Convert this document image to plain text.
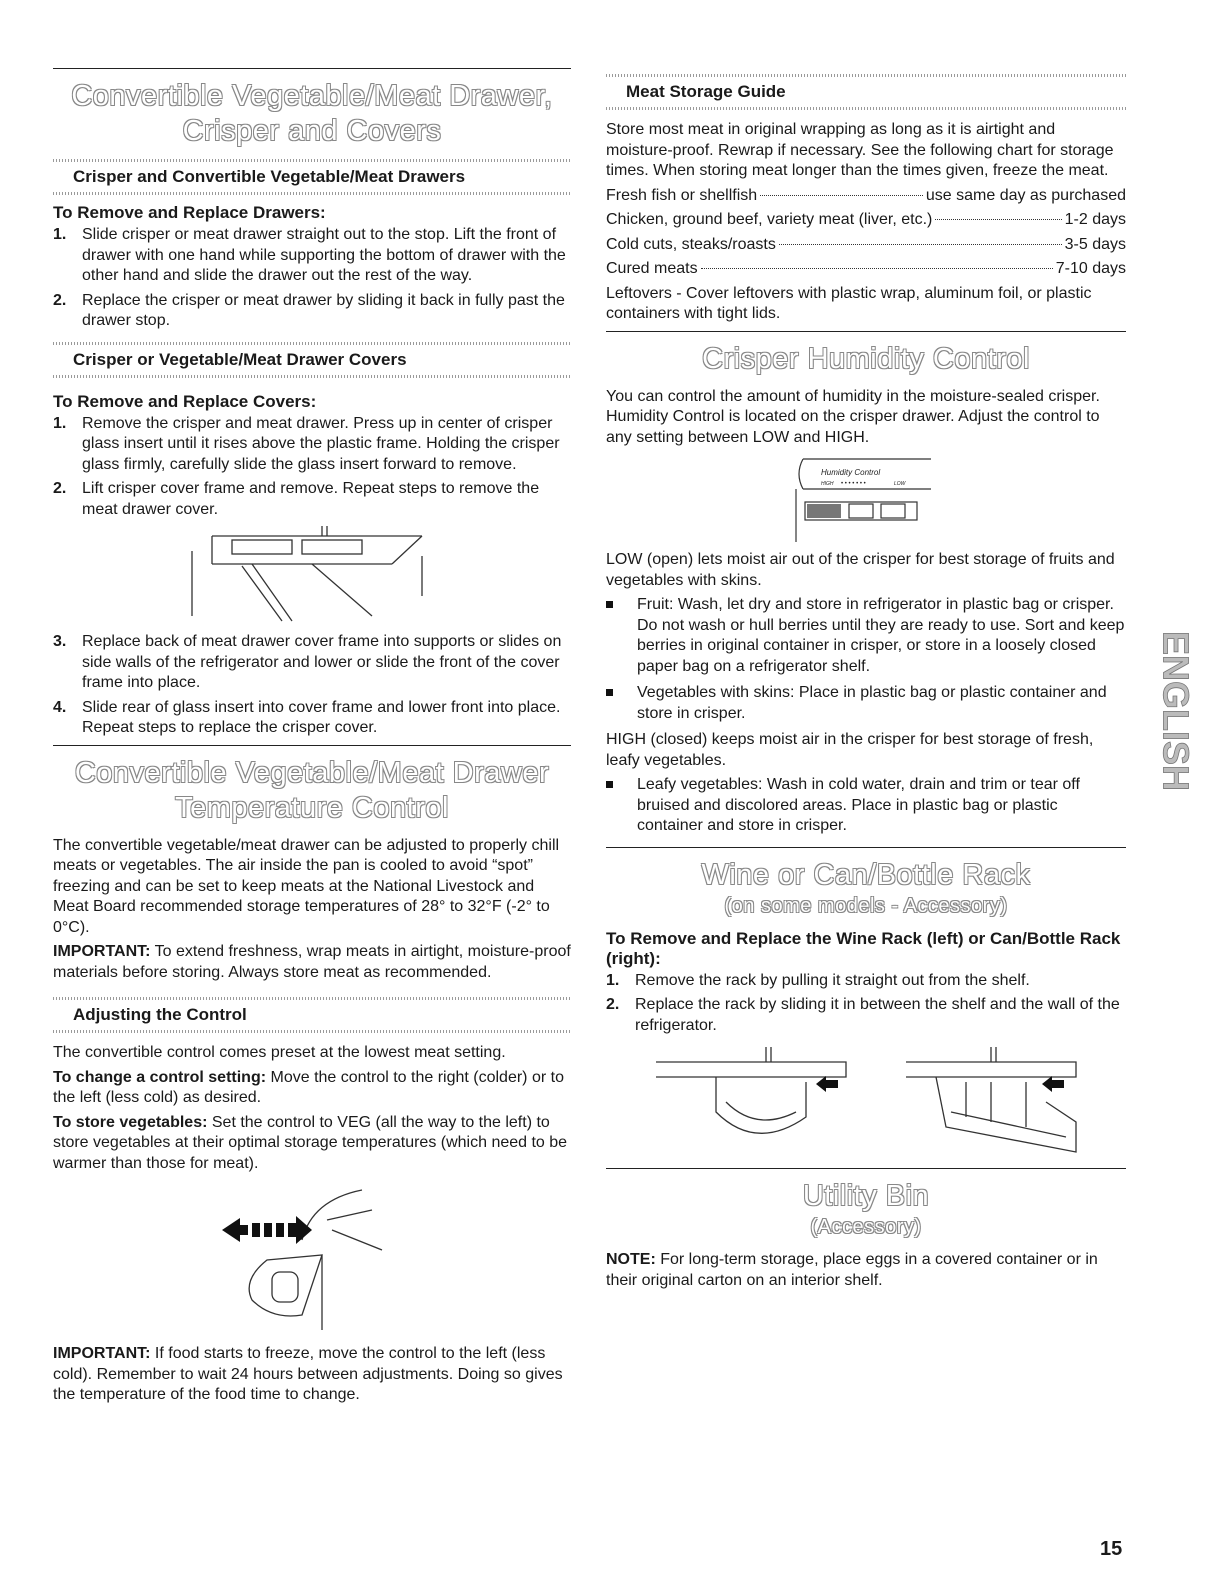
Convertible Vegetable/Meat Drawer,
Crisper and Covers
Crisper and Convertible Vegetable/Meat Drawers
To Remove and Replace Drawers:
1. Slide crisper or meat drawer straight out to the stop. Lift the front of drawer with one hand while supporting the bottom of drawer with the other hand and slide the drawer out the rest of the way.
2. Replace the crisper or meat drawer by sliding it back in fully past the drawer stop.
Crisper or Vegetable/Meat Drawer Covers
To Remove and Replace Covers:
1. Remove the crisper and meat drawer. Press up in center of crisper glass insert until it rises above the plastic frame. Holding the crisper glass firmly, carefully slide the glass insert forward to remove.
2. Lift crisper cover frame and remove. Repeat steps to remove the meat drawer cover.
3. Replace back of meat drawer cover frame into supports or slides on side walls of the refrigerator and lower or slide the front of the cover frame into place.
4. Slide rear of glass insert into cover frame and lower front into place. Repeat steps to replace the crisper cover.
Convertible Vegetable/Meat Drawer
Temperature Control

The convertible vegetable/meat drawer can be adjusted to properly chill meats or vegetables. The air inside the pan is cooled to avoid “spot” freezing and can be set to keep meats at the National Livestock and Meat Board recommended storage temperatures of 28° to 32°F (-2° to 0°C).

IMPORTANT: To extend freshness, wrap meats in airtight, moisture-proof materials before storing. Always store meat as recommended.

Adjusting the Control

The convertible control comes preset at the lowest meat setting.

To change a control setting: Move the control to the right (colder) or to the left (less cold) as desired.

To store vegetables: Set the control to VEG (all the way to the left) to store vegetables at their optimal storage temperatures (which need to be warmer than those for meat).

IMPORTANT: If food starts to freeze, move the control to the left (less cold). Remember to wait 24 hours between adjustments. Doing so gives the temperature of the food time to change.

Meat Storage Guide

Store most meat in original wrapping as long as it is airtight and moisture-proof. Rewrap if necessary. See the following chart for storage times. When storing meat longer than the times given, freeze the meat.

Fresh fish or shellfish	use same day as purchased
Chicken, ground beef, variety meat (liver, etc.)	1-2 days
Cold cuts, steaks/roasts	3-5 days
Cured meats	7-10 days

Leftovers - Cover leftovers with plastic wrap, aluminum foil, or plastic containers with tight lids.

Crisper Humidity Control

You can control the amount of humidity in the moisture-sealed crisper. Humidity Control is located on the crisper drawer. Adjust the control to any setting between LOW and HIGH.

Humidity Control
HIGH • • • • • • •	LOW

LOW (open) lets moist air out of the crisper for best storage of fruits and vegetables with skins.

Fruit: Wash, let dry and store in refrigerator in plastic bag or crisper. Do not wash or hull berries until they are ready to use. Sort and keep berries in original container in crisper, or store in a loosely closed paper bag on a refrigerator shelf.
Vegetables with skins: Place in plastic bag or plastic container and store in crisper.

HIGH (closed) keeps moist air in the crisper for best storage of fresh, leafy vegetables.

Leafy vegetables: Wash in cold water, drain and trim or tear off bruised and discolored areas. Place in plastic bag or plastic container and store in crisper.
Wine or Can/Bottle Rack

(on some models - Accessory)
To Remove and Replace the Wine Rack (left) or Can/Bottle Rack (right):
1. Remove the rack by pulling it straight out from the shelf.
2. Replace the rack by sliding it in between the shelf and the wall of the refrigerator.
Utility Bin

(Accessory)

NOTE: For long-term storage, place eggs in a covered container or in their original carton on an interior shelf.

ENGLISH
15
